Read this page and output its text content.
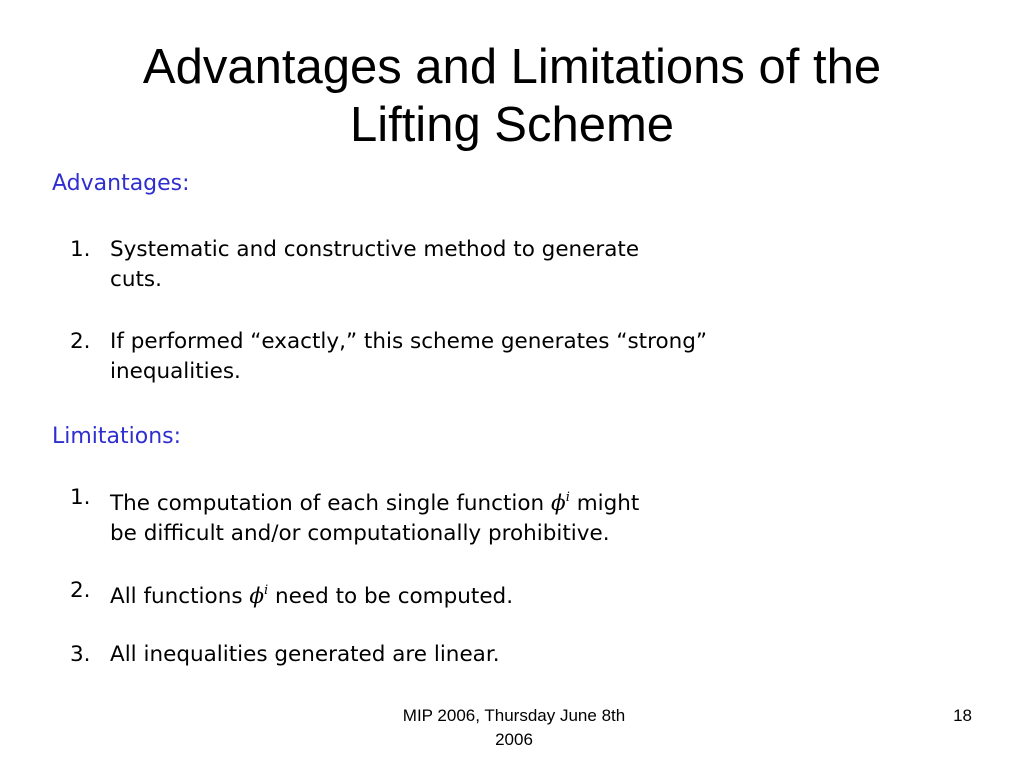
Advantages and Limitations of the
Lifting Scheme
Advantages:
1. Systematic and constructive method to generate
cuts.
2. If performed “exactly,” this scheme generates “strong”
inequalities.
Limitations:
1. The computation of each single function $\phi^i$ might
be difficult and/or computationally prohibitive.
2. All functions $\phi^i$ need to be computed.
3. All inequalities generated are linear.
MIP 2006, Thursday June 8th
2006
18
